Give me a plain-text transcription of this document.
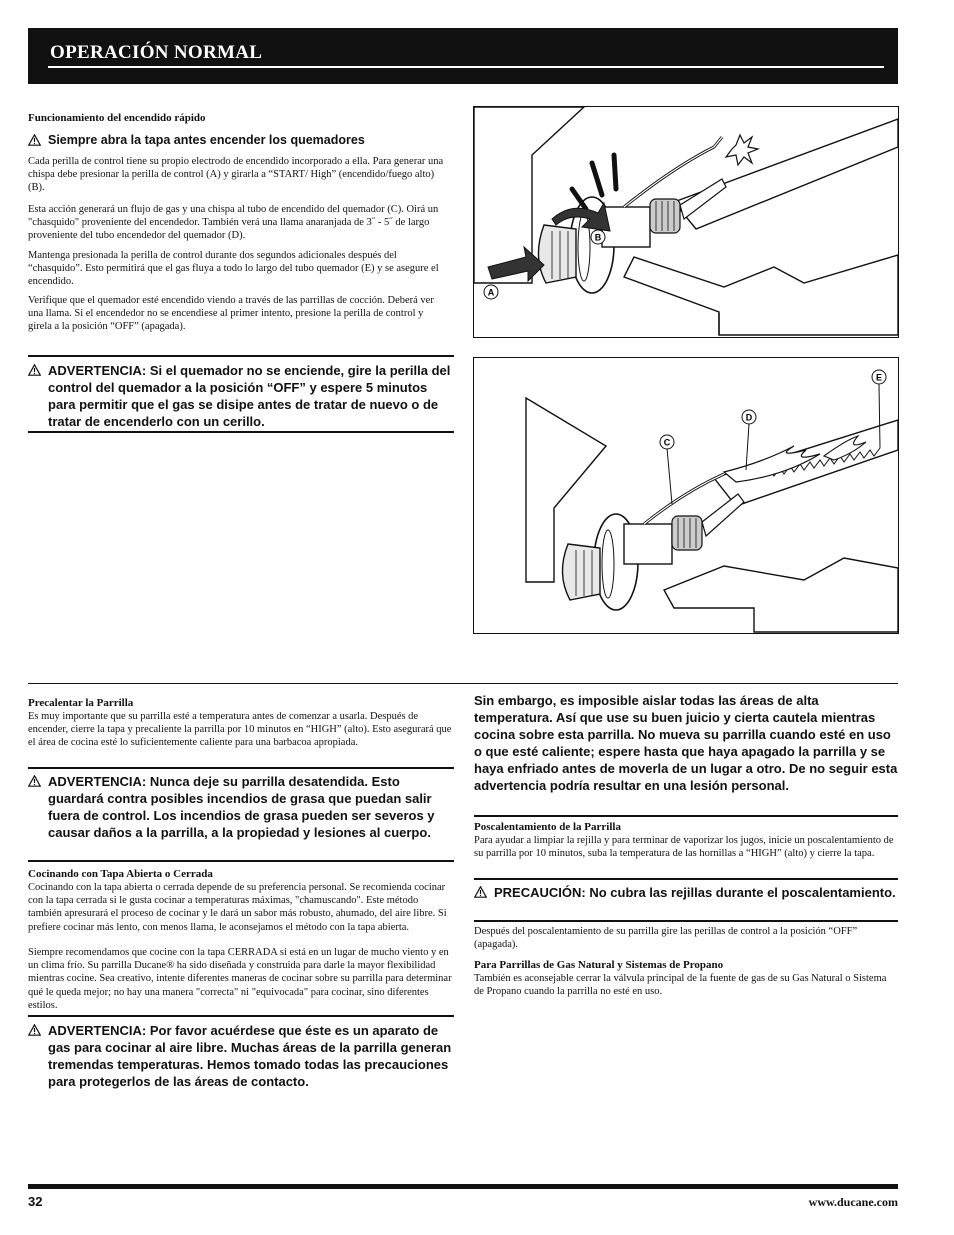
OPERACIÓN NORMAL
Funcionamiento del encendido rápido
Siempre abra la tapa antes encender los quemadores

Cada perilla de control tiene su propio electrodo de encendido incorporado a ella. Para generar una chispa debe presionar la perilla de control (A) y girarla a “START/ High” (encendido/fuego alto) (B).

Esta acción generará un flujo de gas y una chispa al tubo de encendido del quemador (C). Oirá un "chasquido" proveniente del encendedor. También verá una llama anaranjada de 3˝ - 5˝ de largo proveniente del tubo encendedor del quemador (D).

Mantenga presionada la perilla de control durante dos segundos adicionales después del “chasquido”. Esto permitirá que el gas fluya a todo lo largo del tubo quemador (E) y se asegure el encendido.

Verifique que el quemador esté encendido viendo a través de las parrillas de cocción. Deberá ver una llama. Si el encendedor no se encendiese al primer intento, presione la perilla de control y gírela a la posición “OFF” (apagada).

ADVERTENCIA: Si el quemador no se enciende, gire la perilla del control del quemador a la posición “OFF” y espere 5 minutos para permitir que el gas se disipe antes de tratar de nuevo o de tratar de encenderlo con un cerillo.
A
B
C
D
E
Precalentar la Parrilla

Es muy importante que su parrilla esté a temperatura antes de comenzar a usarla. Después de encender, cierre la tapa y precaliente la parrilla por 10 minutos en “HIGH” (alto). Esto asegurará que el área de cocina esté lo suficientemente caliente para una barbacoa apropiada.

ADVERTENCIA: Nunca deje su parrilla desatendida. Esto guardará contra posibles incendios de grasa que puedan salir fuera de control. Los incendios de grasa pueden ser severos y causar daños a la parrilla, a la propiedad y lesiones al cuerpo.
Cocinando con Tapa Abierta o Cerrada

Cocinando con la tapa abierta o cerrada depende de su preferencia personal. Se recomienda cocinar con la tapa cerrada si le gusta cocinar a temperaturas máximas, "chamuscando". Este método también apresurará el proceso de cocinar y le dará un sabor más robusto, ahumado, del aire libre. Si prefiere cocinar más lento, con menos llama, le aconsejamos el método con la tapa abierta.

Siempre recomendamos que cocine con la tapa CERRADA si está en un lugar de mucho viento y en un clima frío. Su parrilla Ducane® ha sido diseñada y construida para darle la mayor flexibilidad mientras cocine. Sea creativo, intente diferentes maneras de cocinar sobre su parrilla para determinar qué le queda mejor; no hay una manera "correcta" ni "equivocada" para cocinar, sino diferentes estilos.

ADVERTENCIA: Por favor acuérdese que éste es un aparato de gas para cocinar al aire libre. Muchas áreas de la parrilla generan tremendas temperaturas. Hemos tomado todas las precauciones para protegerlos de las áreas de contacto.
Sin embargo, es imposible aislar todas las áreas de alta temperatura. Así que use su buen juicio y cierta cautela mientras cocina sobre esta parrilla. No mueva su parrilla cuando esté en uso o que esté caliente; espere hasta que haya apagado la parrilla y se haya enfriado antes de moverla de un lugar a otro. De no seguir esta advertencia podría resultar en una lesión personal.
Poscalentamiento de la Parrilla

Para ayudar a limpiar la rejilla y para terminar de vaporizar los jugos, inicie un poscalentamiento de su parrilla por 10 minutos, suba la temperatura de las hornillas a “HIGH” (alto) y cierre la tapa.

PRECAUCIÓN: No cubra las rejillas durante el poscalentamiento.

Después del poscalentamiento de su parrilla gire las perillas de control a la posición “OFF” (apagada).

Para Parrillas de Gas Natural y Sistemas de Propano

También es aconsejable cerrar la válvula principal de la fuente de gas de su Gas Natural o Sistema de Propano cuando la parrilla no esté en uso.

32	www.ducane.com
